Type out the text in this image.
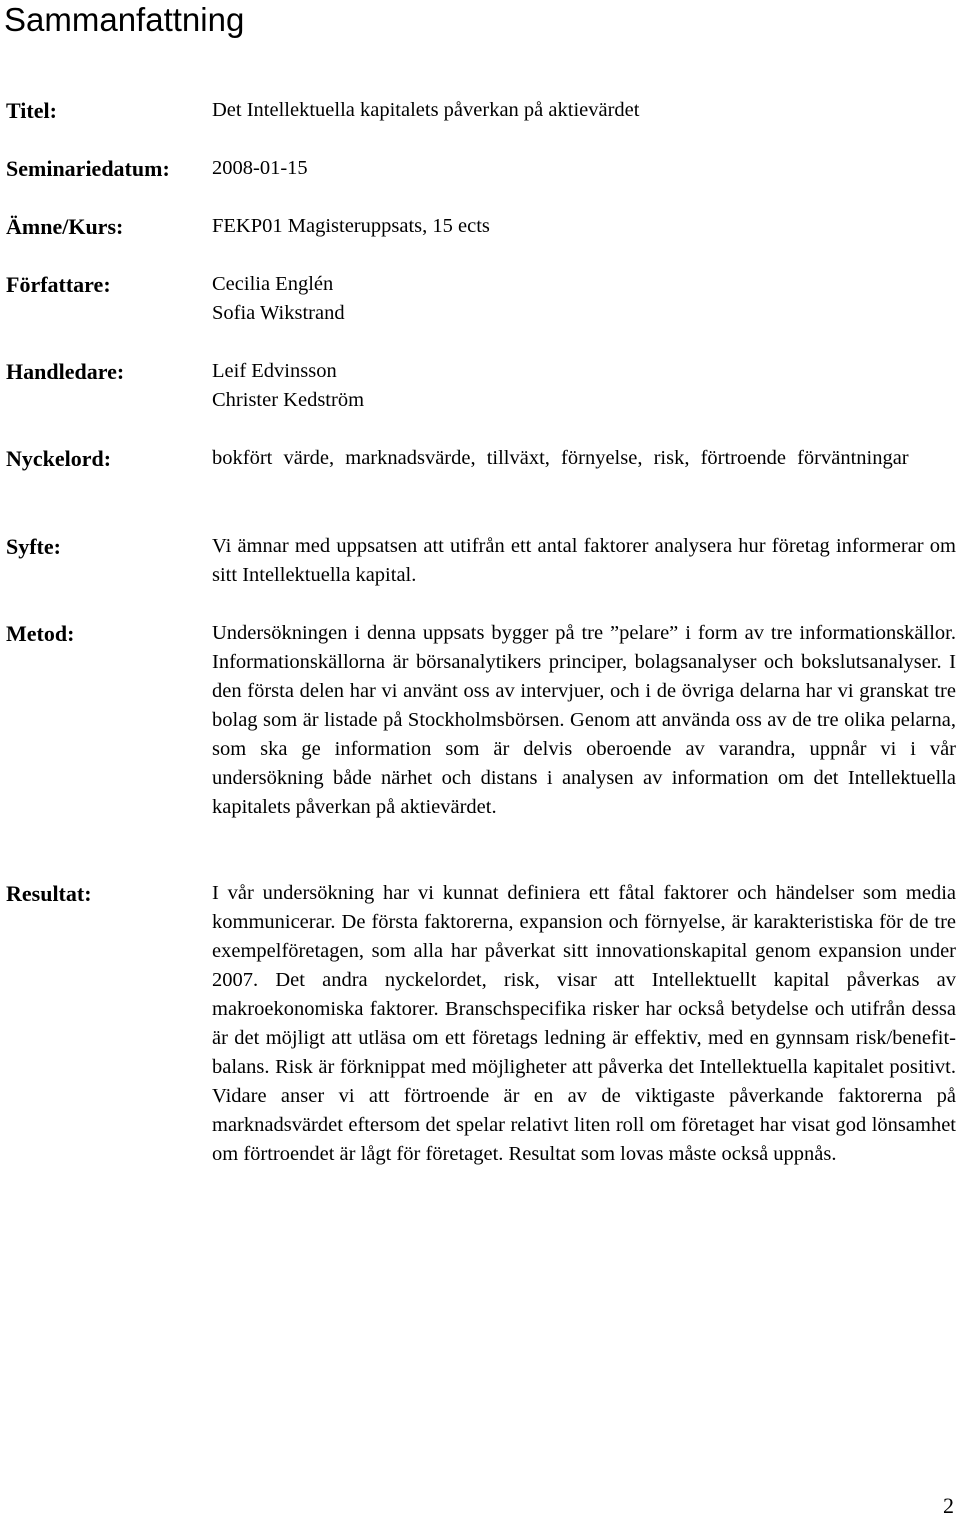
Sammanfattning
Titel:	Det Intellektuella kapitalets påverkan på aktievärdet
Seminariedatum: 2008-01-15
Ämne/Kurs:	FEKP01 Magisteruppsats, 15 ects
Författare:	Cecilia Englén
Sofia Wikstrand
Handledare:	Leif Edvinsson
Christer Kedström
Nyckelord:	bokfört värde, marknadsvärde, tillväxt, förnyelse, risk, förtroende förväntningar
Syfte:	Vi ämnar med uppsatsen att utifrån ett antal faktorer analysera hur företag informerar om sitt Intellektuella kapital.
Metod:	Undersökningen i denna uppsats bygger på tre ”pelare” i form av tre informationskällor. Informationskällorna är börsanalytikers principer, bolagsanalyser och bokslutsanalyser. I den första delen har vi använt oss av intervjuer, och i de övriga delarna har vi granskat tre bolag som är listade på Stockholmsbörsen. Genom att använda oss av de tre olika pelarna, som ska ge information som är delvis oberoende av varandra, uppnår vi i vår undersökning både närhet och distans i analysen av information om det Intellektuella kapitalets påverkan på aktievärdet.
Resultat:	I vår undersökning har vi kunnat definiera ett fåtal faktorer och händelser som media kommunicerar. De första faktorerna, expansion och förnyelse, är karakteristiska för de tre exempelföretagen, som alla har påverkat sitt innovationskapital genom expansion under 2007. Det andra nyckelordet, risk, visar att Intellektuellt kapital påverkas av makroekonomiska faktorer. Branschspecifika risker har också betydelse och utifrån dessa är det möjligt att utläsa om ett företags ledning är effektiv, med en gynnsam risk/benefit-balans. Risk är förknippat med möjligheter att påverka det Intellektuella kapitalet positivt. Vidare anser vi att förtroende är en av de viktigaste påverkande faktorerna på marknadsvärdet eftersom det spelar relativt liten roll om företaget har visat god lönsamhet om förtroendet är lågt för företaget. Resultat som lovas måste också uppnås.
2
